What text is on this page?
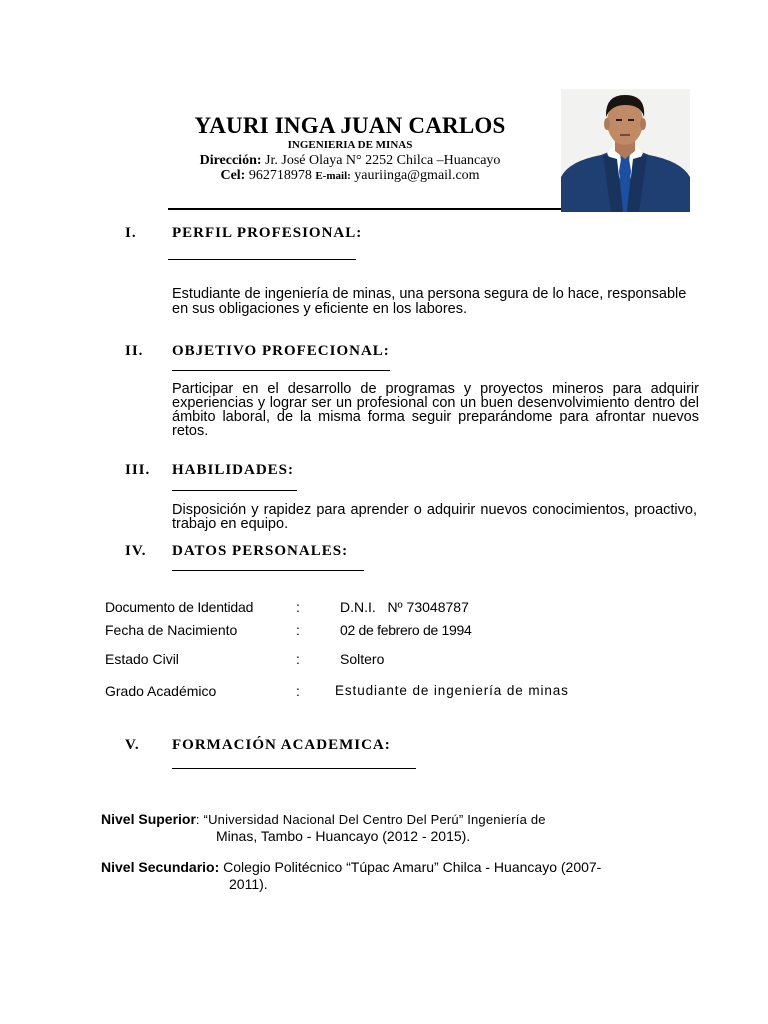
YAURI INGA JUAN CARLOS
INGENIERIA DE MINAS
Dirección: Jr. José Olaya N° 2252 Chilca –Huancayo
Cel: 962718978 E-mail: yauriinga@gmail.com
I. PERFIL PROFESIONAL:
Estudiante de ingeniería de minas, una persona segura de lo hace, responsable en sus obligaciones y eficiente en los labores.
II. OBJETIVO PROFECIONAL:
Participar en el desarrollo de programas y proyectos mineros para adquirir experiencias y lograr ser un profesional con un buen desenvolvimiento dentro del ámbito laboral, de la misma forma seguir preparándome para afrontar nuevos retos.
III. HABILIDADES:
Disposición y rapidez para aprender o adquirir nuevos conocimientos, proactivo, trabajo en equipo.
IV. DATOS PERSONALES:
Documento de Identidad	:	D.N.I.   Nº 73048787
Fecha de Nacimiento	:	02 de febrero de 1994
Estado Civil	:	Soltero
Grado Académico	:	Estudiante de ingeniería de minas
V. FORMACIÓN ACADEMICA:
Nivel Superior: “Universidad Nacional Del Centro Del Perú” Ingeniería de
Minas, Tambo - Huancayo (2012 - 2015).
Nivel Secundario: Colegio Politécnico “Túpac Amaru” Chilca - Huancayo (2007-
2011).
